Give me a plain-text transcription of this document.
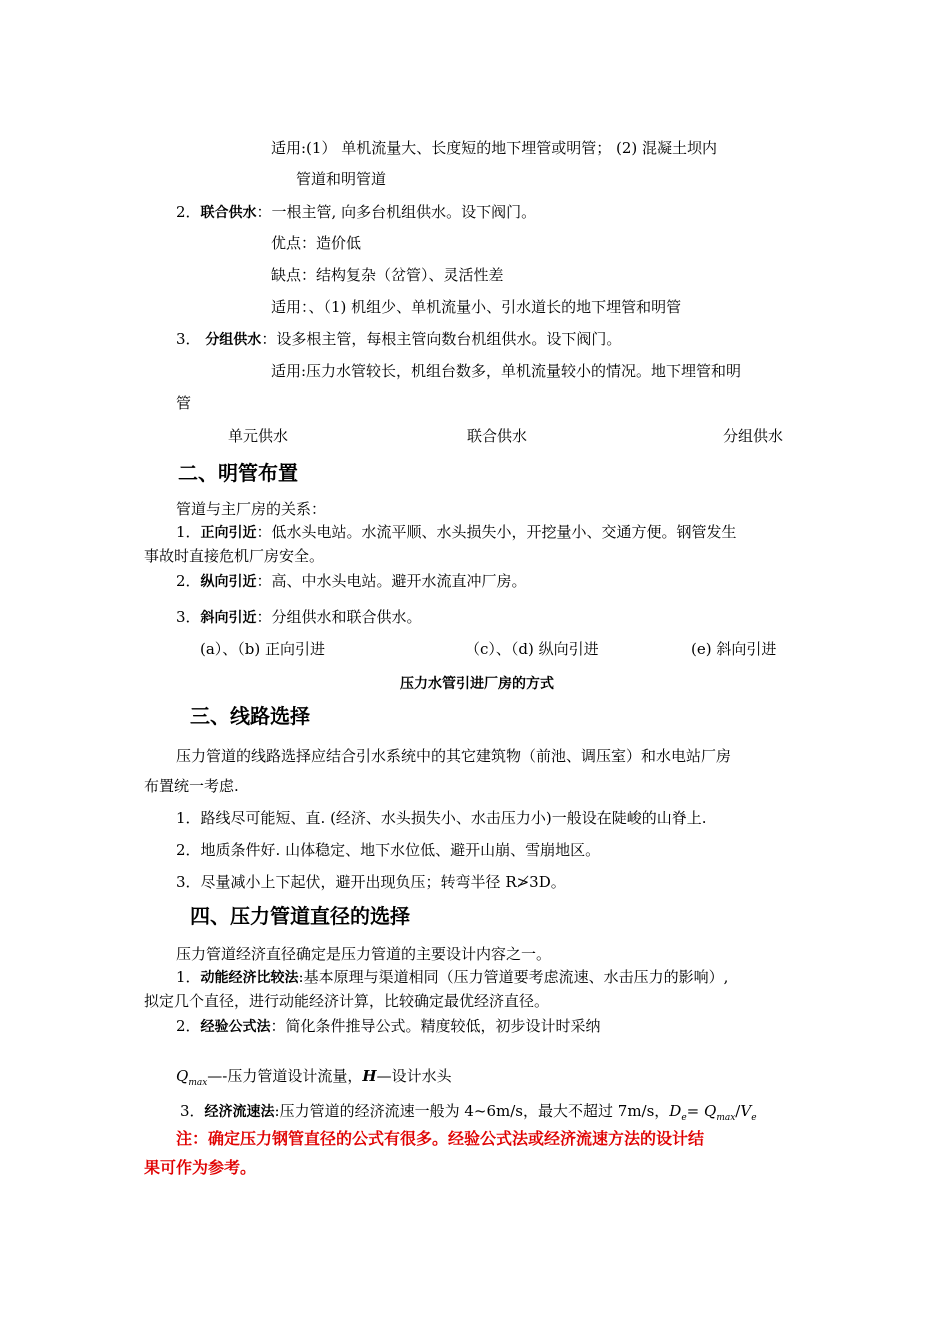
适用:(1） 单机流量大、长度短的地下埋管或明管； (2) 混凝土坝内
管道和明管道
2．联合供水：一根主管, 向多台机组供水。设下阀门。
优点：造价低
缺点：结构复杂（岔管）、灵活性差
适用：、（1) 机组少、单机流量小、引水道长的地下埋管和明管
3． 分组供水：设多根主管，每根主管向数台机组供水。设下阀门。
适用:压力水管较长，机组台数多，单机流量较小的情况。地下埋管和明
管
单元供水	联合供水	分组供水
二、明管布置
管道与主厂房的关系：
1．正向引近：低水头电站。水流平顺、水头损失小，开挖量小、交通方便。钢管发生
事故时直接危机厂房安全。
2．纵向引近：高、中水头电站。避开水流直冲厂房。
3．斜向引近：分组供水和联合供水。
(a）、（b) 正向引进	（c）、（d) 纵向引进	(e) 斜向引进
压力水管引进厂房的方式
三、线路选择
压力管道的线路选择应结合引水系统中的其它建筑物（前池、调压室）和水电站厂房
布置统一考虑.
1．路线尽可能短、直. (经济、水头损失小、水击压力小)一般设在陡峻的山脊上.
2．地质条件好. 山体稳定、地下水位低、避开山崩、雪崩地区。
3．尽量减小上下起伏，避开出现负压；转弯半径 R≯3D。
四、压力管道直径的选择
压力管道经济直径确定是压力管道的主要设计内容之一。
1．动能经济比较法:基本原理与渠道相同（压力管道要考虑流速、水击压力的影响）,
拟定几个直径，进行动能经济计算，比较确定最优经济直径。
2．经验公式法：简化条件推导公式。精度较低，初步设计时采纳
$Q_{max}—-$压力管道设计流量，H—设计水头
3．经济流速法:压力管道的经济流速一般为 4~6m/s，最大不超过 7m/s，$D_e= Q_{max}/V_e$
注：确定压力钢管直径的公式有很多。经验公式法或经济流速方法的设计结
果可作为参考。
